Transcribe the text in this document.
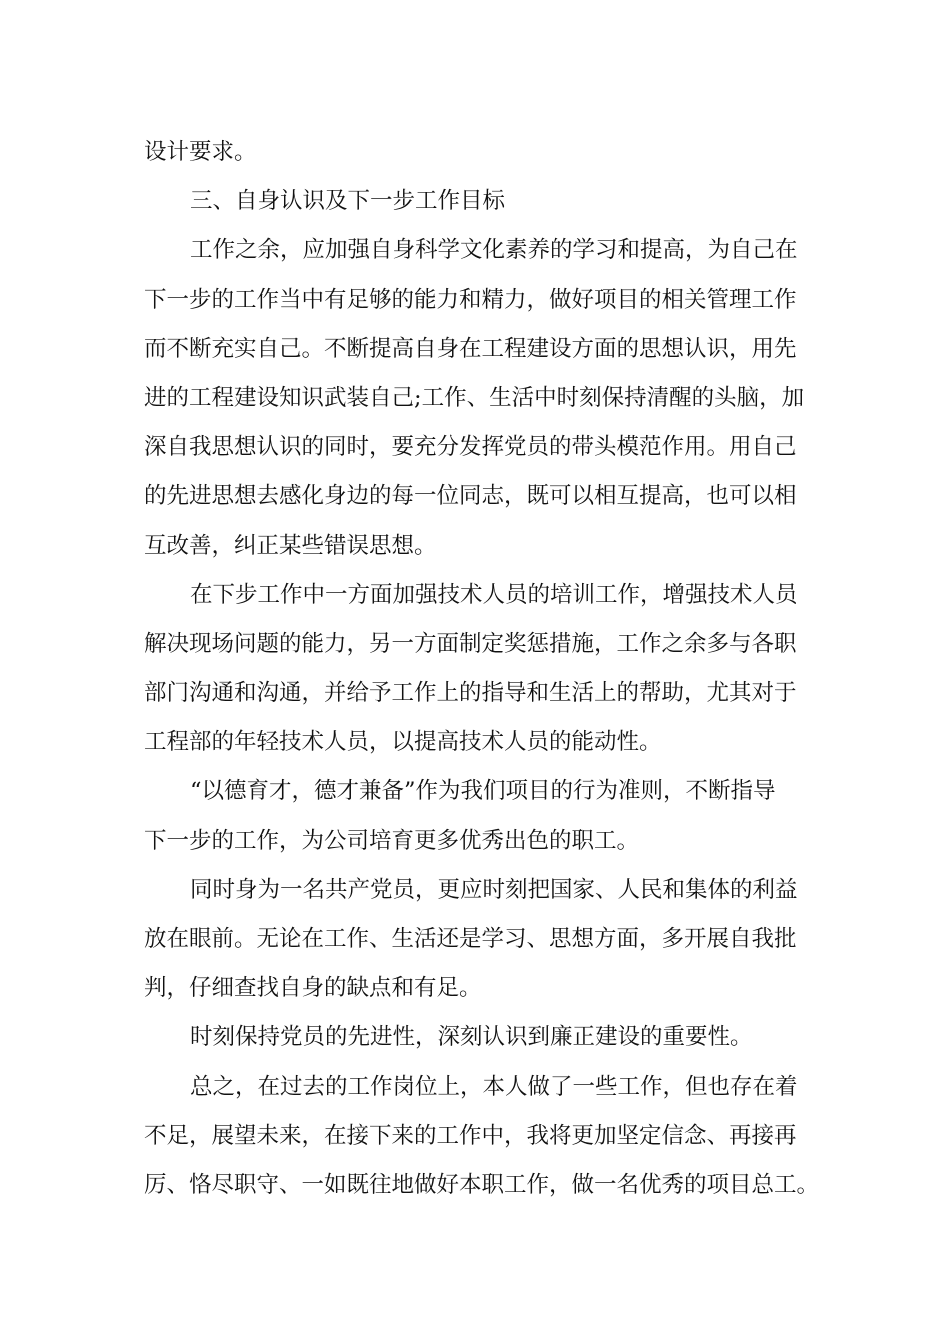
设计要求。
三、自身认识及下一步工作目标
工作之余，应加强自身科学文化素养的学习和提高，为自己在
下一步的工作当中有足够的能力和精力，做好项目的相关管理工作
而不断充实自己。不断提高自身在工程建设方面的思想认识，用先
进的工程建设知识武装自己;工作、生活中时刻保持清醒的头脑，加
深自我思想认识的同时，要充分发挥党员的带头模范作用。用自己
的先进思想去感化身边的每一位同志，既可以相互提高，也可以相
互改善，纠正某些错误思想。
在下步工作中一方面加强技术人员的培训工作，增强技术人员
解决现场问题的能力，另一方面制定奖惩措施，工作之余多与各职
部门沟通和沟通，并给予工作上的指导和生活上的帮助，尤其对于
工程部的年轻技术人员，以提高技术人员的能动性。
“以德育才，德才兼备”作为我们项目的行为准则，不断指导
下一步的工作，为公司培育更多优秀出色的职工。
同时身为一名共产党员，更应时刻把国家、人民和集体的利益
放在眼前。无论在工作、生活还是学习、思想方面，多开展自我批
判，仔细查找自身的缺点和有足。
时刻保持党员的先进性，深刻认识到廉正建设的重要性。
总之，在过去的工作岗位上，本人做了一些工作，但也存在着
不足，展望未来，在接下来的工作中，我将更加坚定信念、再接再
厉、恪尽职守、一如既往地做好本职工作，做一名优秀的项目总工。
